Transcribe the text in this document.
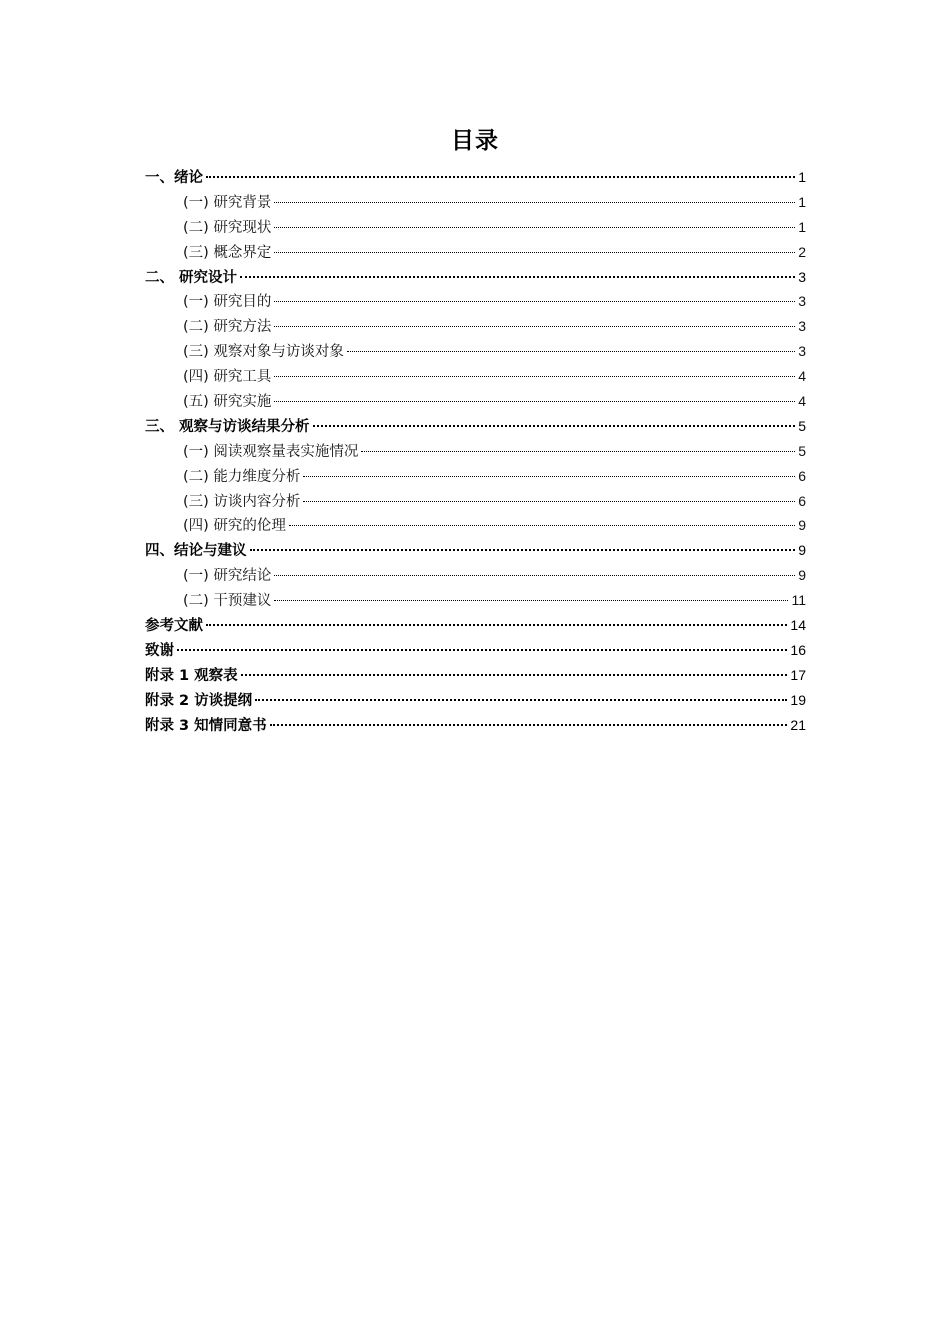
目录
一、绪论	1
(一) 研究背景	1
(二) 研究现状	1
(三) 概念界定	2
二、 研究设计	3
(一) 研究目的	3
(二) 研究方法	3
(三) 观察对象与访谈对象	3
(四) 研究工具	4
(五) 研究实施	4
三、 观察与访谈结果分析	5
(一) 阅读观察量表实施情况	5
(二) 能力维度分析	6
(三) 访谈内容分析	6
(四) 研究的伦理	9
四、结论与建议	9
(一) 研究结论	9
(二) 干预建议	11
参考文献	14
致谢	16
附录 1 观察表	17
附录 2 访谈提纲	19
附录 3 知情同意书	21
